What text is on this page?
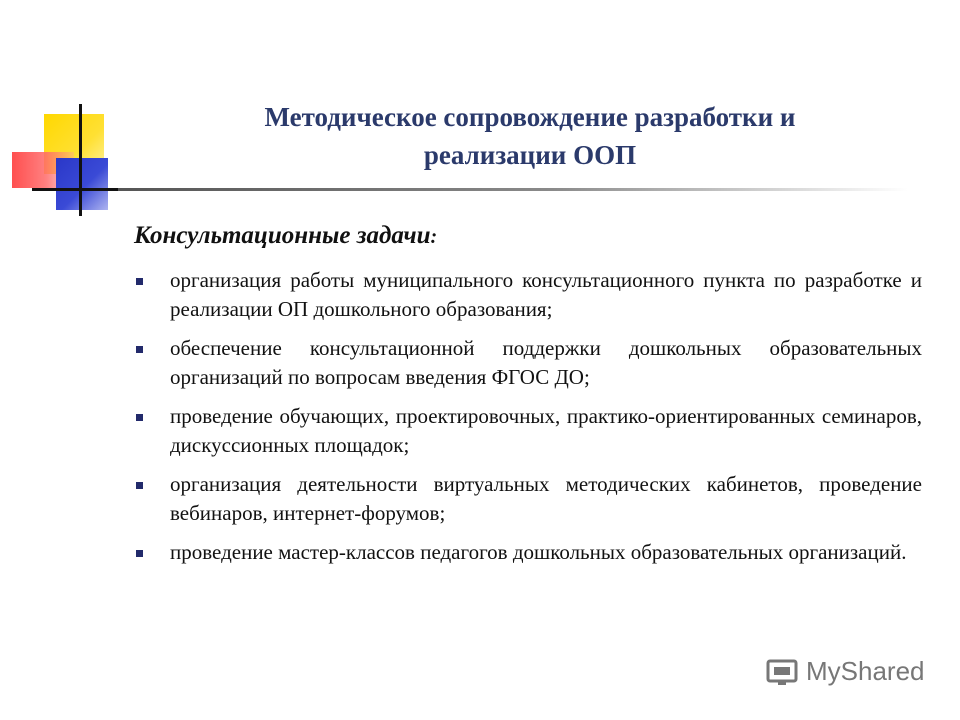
Методическое сопровождение разработки и
реализации ООП
Консультационные задачи:
организация работы муниципального консультационного пункта по разработке и реализации ОП дошкольного образования;
обеспечение консультационной поддержки дошкольных образовательных организаций по вопросам введения ФГОС ДО;
проведение обучающих, проектировочных, практико-ориентированных семинаров, дискуссионных площадок;
организация деятельности виртуальных методических кабинетов, проведение вебинаров, интернет-форумов;
проведение мастер-классов педагогов дошкольных образовательных организаций.
MyShared
